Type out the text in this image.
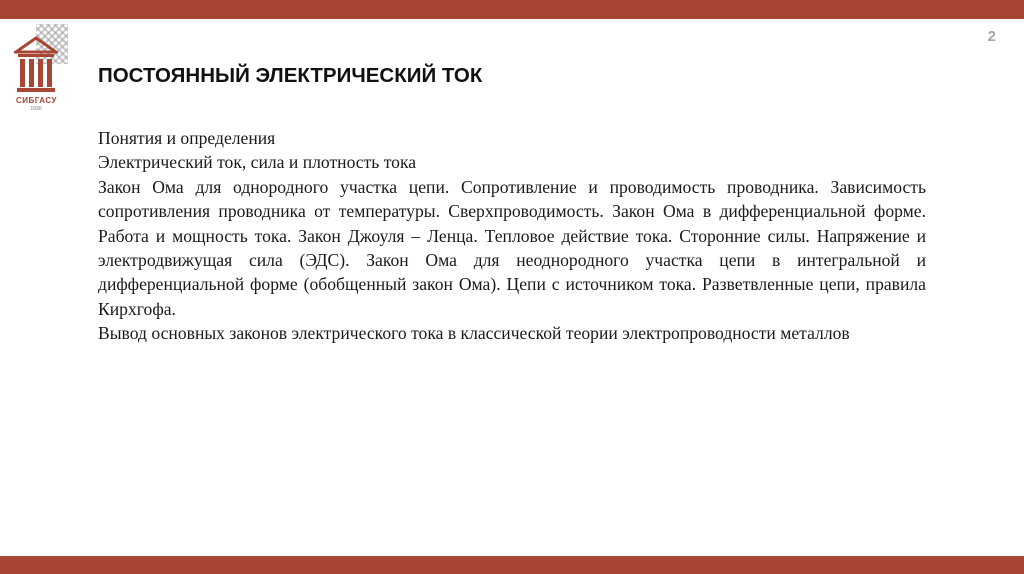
СИБГАСУ
1930
2
ПОСТОЯННЫЙ ЭЛЕКТРИЧЕСКИЙ ТОК

Понятия и определения

Электрический ток, сила и плотность тока

Закон Ома для однородного участка цепи. Сопротивление и проводимость проводника. Зависимость сопротивления проводника от температуры. Сверхпроводимость. Закон Ома в дифференциальной форме. Работа и мощность тока. Закон Джоуля – Ленца. Тепловое действие тока. Сторонние силы. Напряжение и электродвижущая сила (ЭДС). Закон Ома для неоднородного участка цепи в интегральной и дифференциальной форме (обобщенный закон Ома). Цепи с источником тока. Разветвленные цепи, правила Кирхгофа.

Вывод основных законов электрического тока в классической теории электропроводности металлов
